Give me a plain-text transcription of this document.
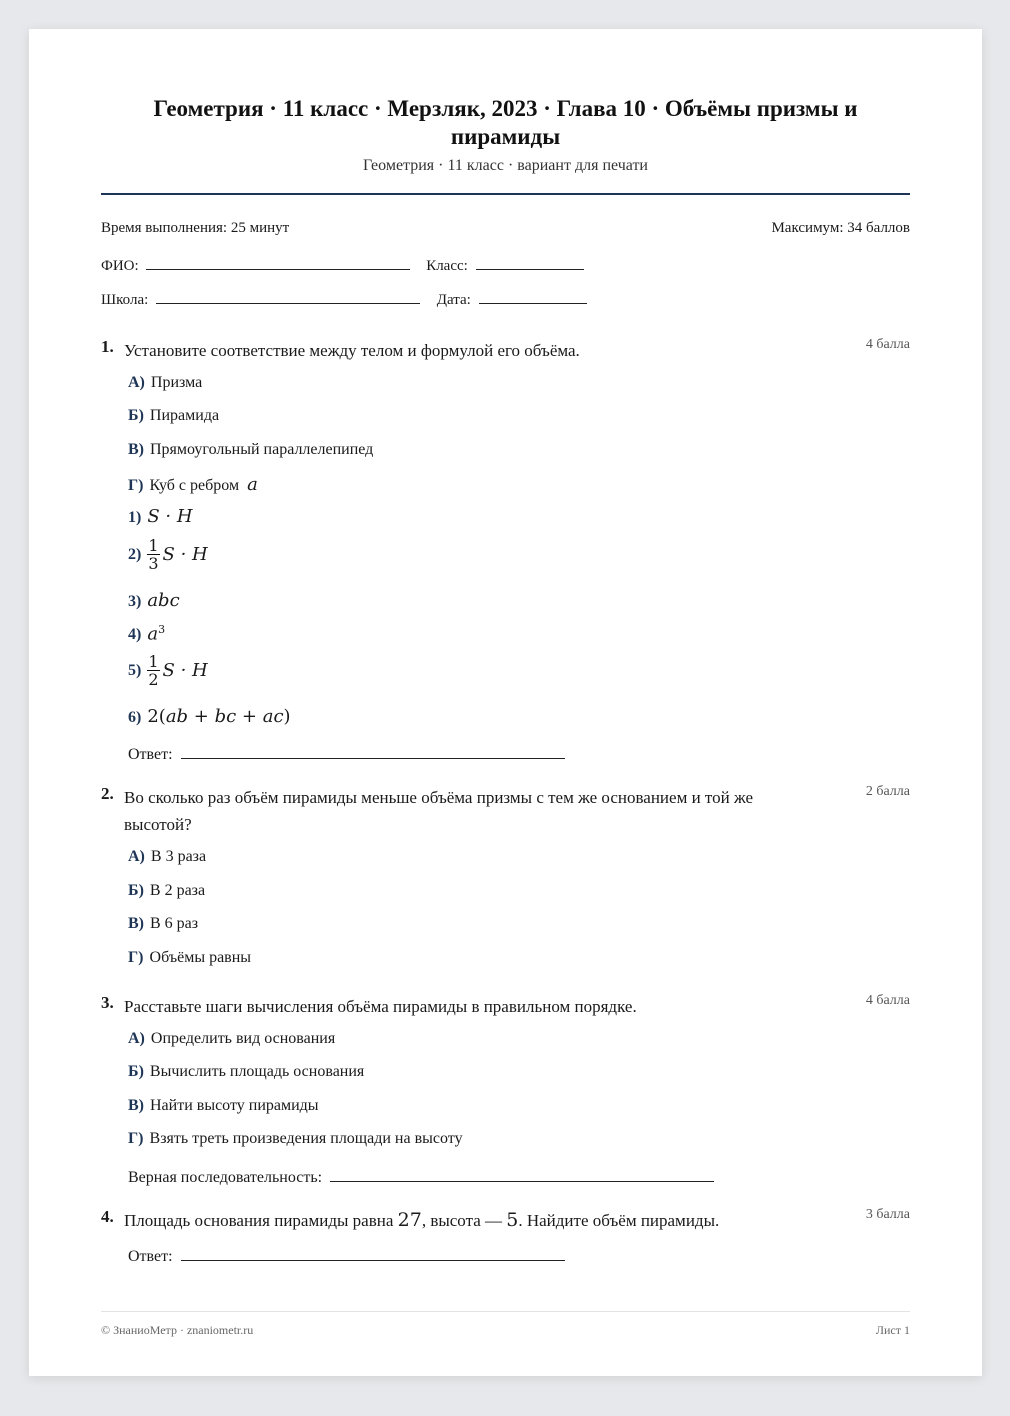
Геометрия · 11 класс · Мерзляк, 2023 · Глава 10 · Объёмы призмы и пирамиды
Геометрия · 11 класс · вариант для печати
Время выполнения: 25 минут	Максимум: 34 баллов
ФИО:	Класс:
Школа:	Дата:
1. Установите соответствие между телом и формулой его объёма.	4 балла
А) Призма
Б) Пирамида
В) Прямоугольный параллелепипед
Г) Куб с ребром a
1) S · H
$2) \frac{1}{3}$ S · H
3) abc
4) $a^3$
$5) \frac{1}{2}$ S · H
6) 2(ab + bc + ac)
Ответ:
2. Во сколько раз объём пирамиды меньше объёма призмы с тем же основанием и той же высотой?
2 балла
А) В 3 раза
Б) В 2 раза
В) В 6 раз
Г) Объёмы равны
3. Расставьте шаги вычисления объёма пирамиды в правильном порядке.	4 балла
А) Определить вид основания
Б) Вычислить площадь основания
В) Найти высоту пирамиды
Г) Взять треть произведения площади на высоту
Верная последовательность:
4. Площадь основания пирамиды равна 27, высота — 5. Найдите объём пирамиды.	3 балла
Ответ:
© ЗнаниоМетр · znaniometr.ru	Лист 1
